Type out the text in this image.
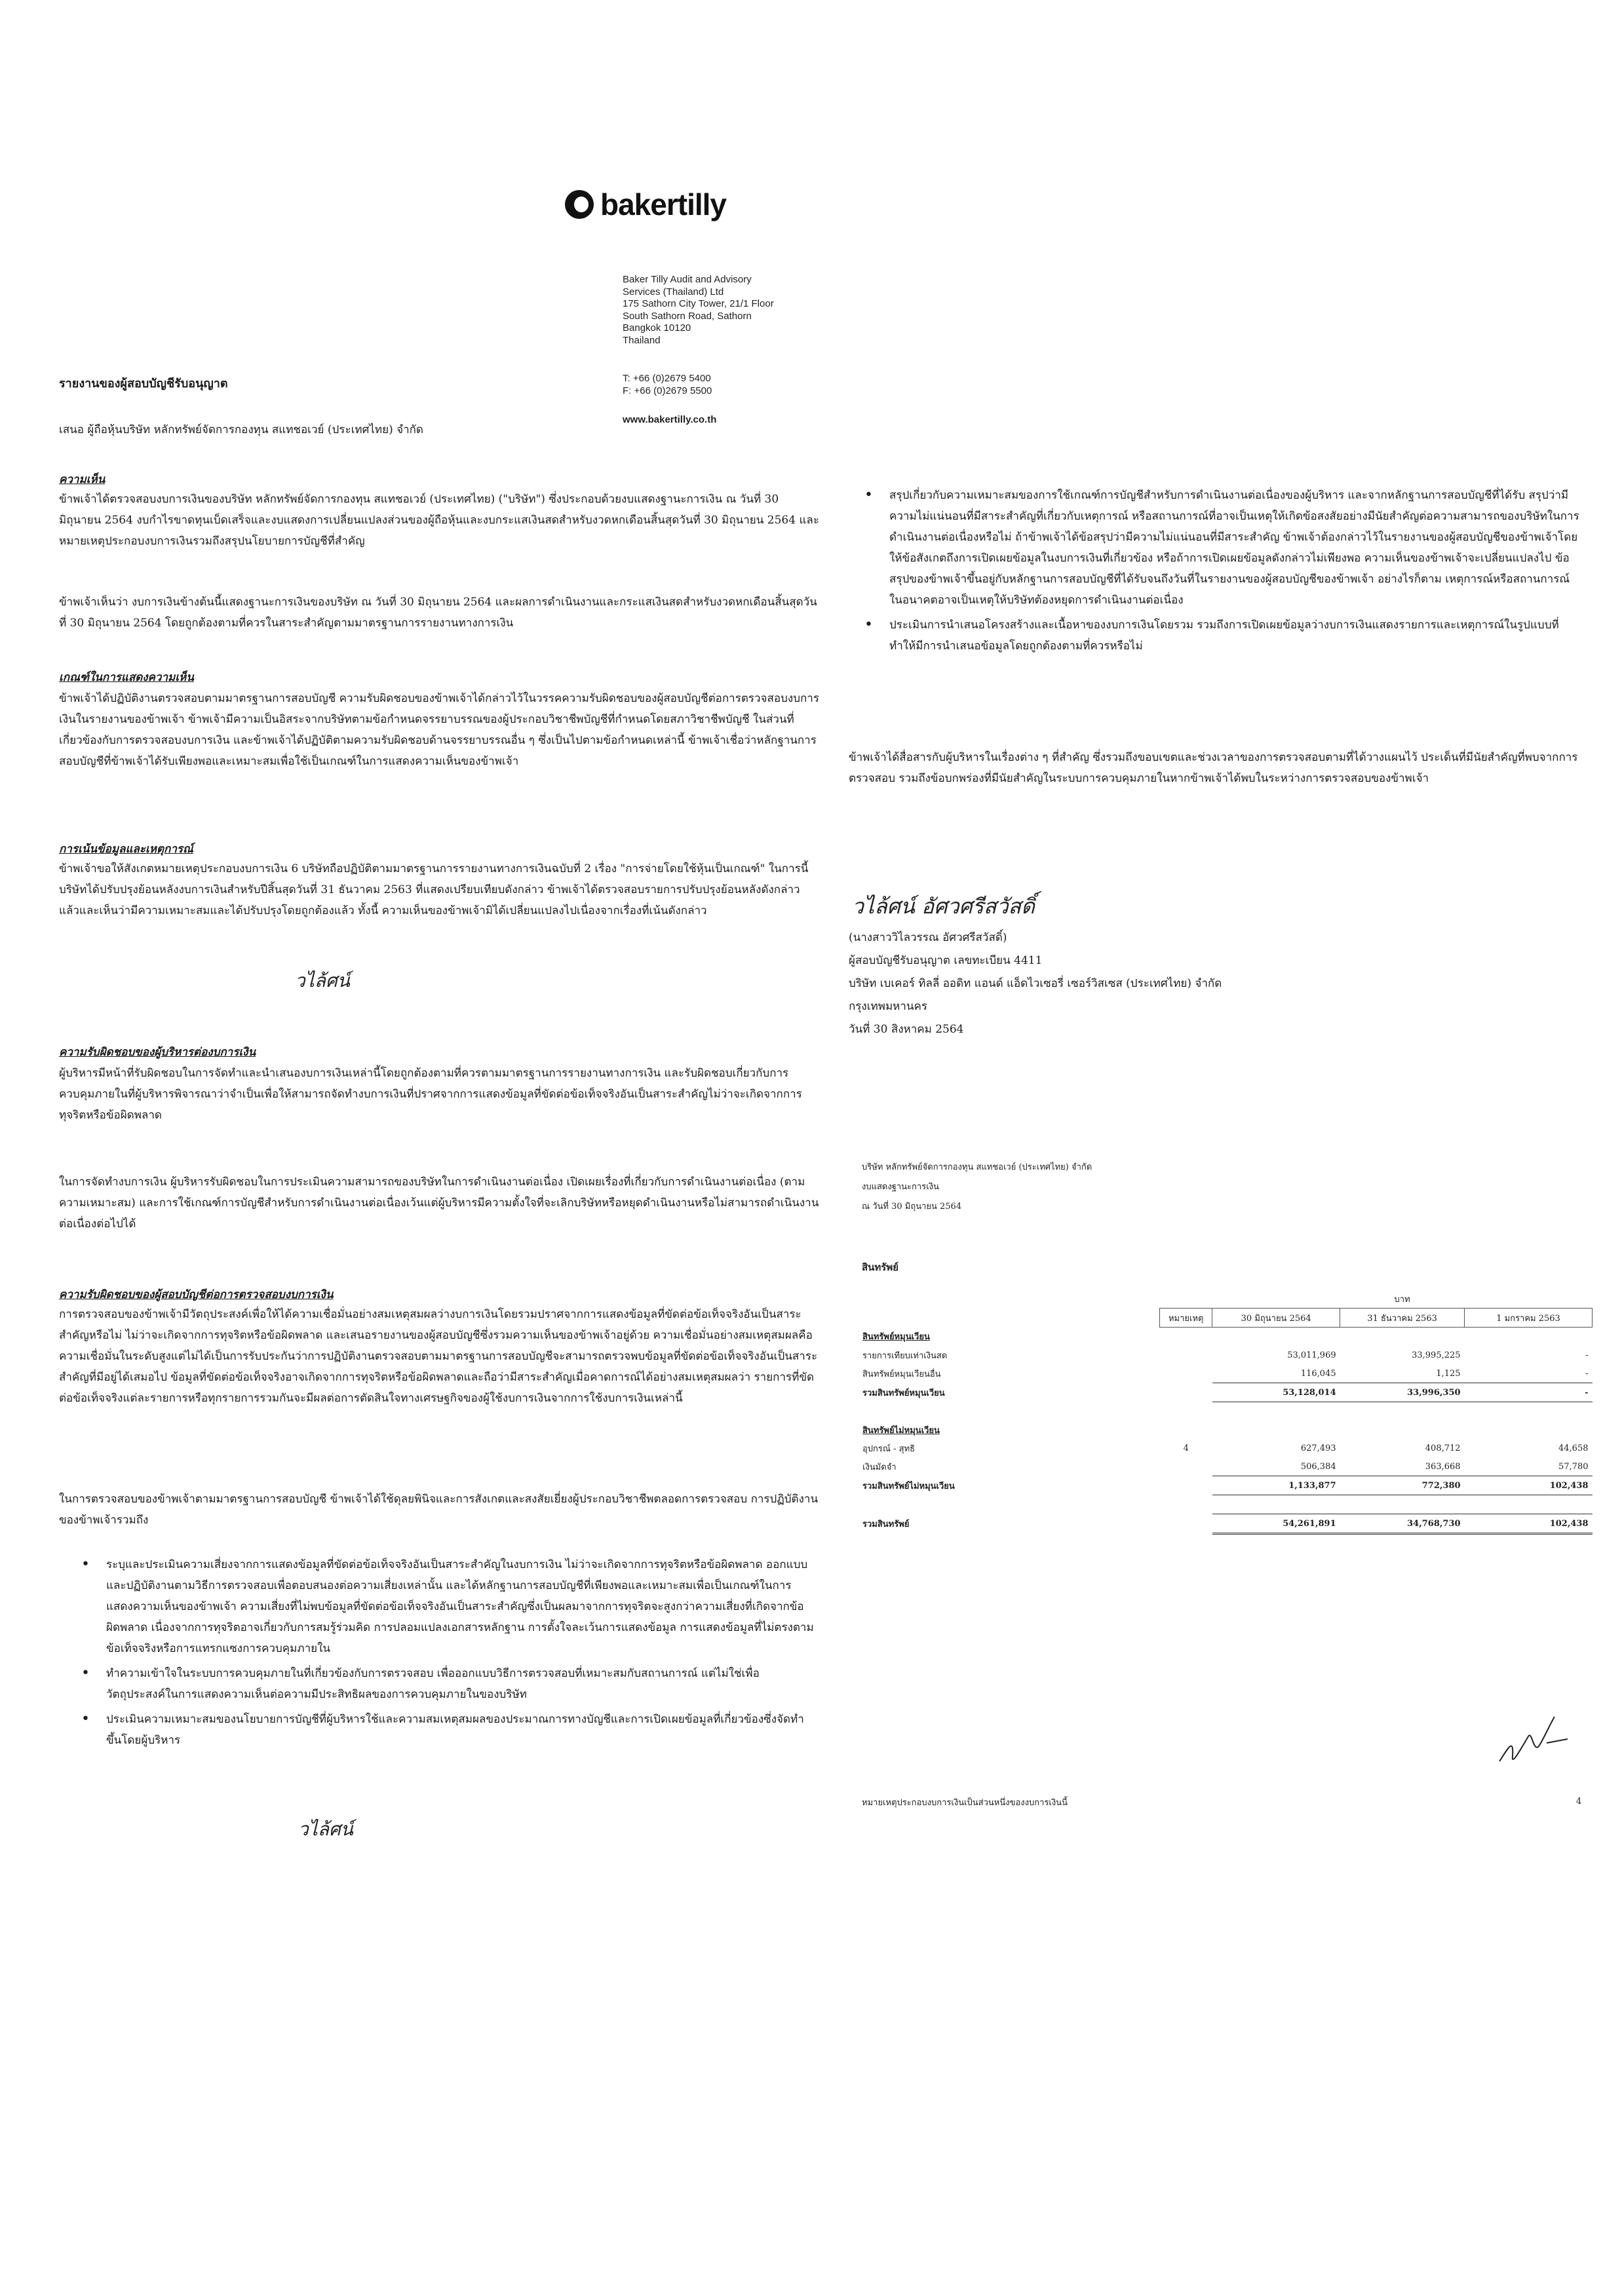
bakertilly
Baker Tilly Audit and Advisory
Services (Thailand) Ltd
175 Sathorn City Tower, 21/1 Floor
South Sathorn Road, Sathorn
Bangkok 10120
Thailand
T: +66 (0)2679 5400
F: +66 (0)2679 5500
www.bakertilly.co.th
รายงานของผู้สอบบัญชีรับอนุญาต
เสนอ ผู้ถือหุ้นบริษัท หลักทรัพย์จัดการกองทุน สแทชอเวย์ (ประเทศไทย) จำกัด
ความเห็น
ข้าพเจ้าได้ตรวจสอบงบการเงินของบริษัท หลักทรัพย์จัดการกองทุน สแทชอเวย์ (ประเทศไทย) ("บริษัท") ซึ่งประกอบด้วยงบแสดงฐานะการเงิน ณ วันที่ 30 มิถุนายน 2564 งบกำไรขาดทุนเบ็ดเสร็จและงบแสดงการเปลี่ยนแปลงส่วนของผู้ถือหุ้นและงบกระแสเงินสดสำหรับงวดหกเดือนสิ้นสุดวันที่ 30 มิถุนายน 2564 และหมายเหตุประกอบงบการเงินรวมถึงสรุปนโยบายการบัญชีที่สำคัญ
ข้าพเจ้าเห็นว่า งบการเงินข้างต้นนี้แสดงฐานะการเงินของบริษัท ณ วันที่ 30 มิถุนายน 2564 และผลการดำเนินงานและกระแสเงินสดสำหรับงวดหกเดือนสิ้นสุดวันที่ 30 มิถุนายน 2564 โดยถูกต้องตามที่ควรในสาระสำคัญตามมาตรฐานการรายงานทางการเงิน
เกณฑ์ในการแสดงความเห็น
ข้าพเจ้าได้ปฏิบัติงานตรวจสอบตามมาตรฐานการสอบบัญชี ความรับผิดชอบของข้าพเจ้าได้กล่าวไว้ในวรรคความรับผิดชอบของผู้สอบบัญชีต่อการตรวจสอบงบการเงินในรายงานของข้าพเจ้า ข้าพเจ้ามีความเป็นอิสระจากบริษัทตามข้อกำหนดจรรยาบรรณของผู้ประกอบวิชาชีพบัญชีที่กำหนดโดยสภาวิชาชีพบัญชี ในส่วนที่เกี่ยวข้องกับการตรวจสอบงบการเงิน และข้าพเจ้าได้ปฏิบัติตามความรับผิดชอบด้านจรรยาบรรณอื่น ๆ ซึ่งเป็นไปตามข้อกำหนดเหล่านี้ ข้าพเจ้าเชื่อว่าหลักฐานการสอบบัญชีที่ข้าพเจ้าได้รับเพียงพอและเหมาะสมเพื่อใช้เป็นเกณฑ์ในการแสดงความเห็นของข้าพเจ้า
การเน้นข้อมูลและเหตุการณ์
ข้าพเจ้าขอให้สังเกตหมายเหตุประกอบงบการเงิน 6 บริษัทถือปฏิบัติตามมาตรฐานการรายงานทางการเงินฉบับที่ 2 เรื่อง "การจ่ายโดยใช้หุ้นเป็นเกณฑ์" ในการนี้ บริษัทได้ปรับปรุงย้อนหลังงบการเงินสำหรับปีสิ้นสุดวันที่ 31 ธันวาคม 2563 ที่แสดงเปรียบเทียบดังกล่าว ข้าพเจ้าได้ตรวจสอบรายการปรับปรุงย้อนหลังดังกล่าวแล้วและเห็นว่ามีความเหมาะสมและได้ปรับปรุงโดยถูกต้องแล้ว ทั้งนี้ ความเห็นของข้าพเจ้ามิได้เปลี่ยนแปลงไปเนื่องจากเรื่องที่เน้นดังกล่าว
วไล้ศน์
ความรับผิดชอบของผู้บริหารต่องบการเงิน
ผู้บริหารมีหน้าที่รับผิดชอบในการจัดทำและนำเสนองบการเงินเหล่านี้โดยถูกต้องตามที่ควรตามมาตรฐานการรายงานทางการเงิน และรับผิดชอบเกี่ยวกับการควบคุมภายในที่ผู้บริหารพิจารณาว่าจำเป็นเพื่อให้สามารถจัดทำงบการเงินที่ปราศจากการแสดงข้อมูลที่ขัดต่อข้อเท็จจริงอันเป็นสาระสำคัญไม่ว่าจะเกิดจากการทุจริตหรือข้อผิดพลาด
ในการจัดทำงบการเงิน ผู้บริหารรับผิดชอบในการประเมินความสามารถของบริษัทในการดำเนินงานต่อเนื่อง เปิดเผยเรื่องที่เกี่ยวกับการดำเนินงานต่อเนื่อง (ตามความเหมาะสม) และการใช้เกณฑ์การบัญชีสำหรับการดำเนินงานต่อเนื่องเว้นแต่ผู้บริหารมีความตั้งใจที่จะเลิกบริษัทหรือหยุดดำเนินงานหรือไม่สามารถดำเนินงานต่อเนื่องต่อไปได้
ความรับผิดชอบของผู้สอบบัญชีต่อการตรวจสอบงบการเงิน
การตรวจสอบของข้าพเจ้ามีวัตถุประสงค์เพื่อให้ได้ความเชื่อมั่นอย่างสมเหตุสมผลว่างบการเงินโดยรวมปราศจากการแสดงข้อมูลที่ขัดต่อข้อเท็จจริงอันเป็นสาระสำคัญหรือไม่ ไม่ว่าจะเกิดจากการทุจริตหรือข้อผิดพลาด และเสนอรายงานของผู้สอบบัญชีซึ่งรวมความเห็นของข้าพเจ้าอยู่ด้วย ความเชื่อมั่นอย่างสมเหตุสมผลคือความเชื่อมั่นในระดับสูงแต่ไม่ได้เป็นการรับประกันว่าการปฏิบัติงานตรวจสอบตามมาตรฐานการสอบบัญชีจะสามารถตรวจพบข้อมูลที่ขัดต่อข้อเท็จจริงอันเป็นสาระสำคัญที่มีอยู่ได้เสมอไป ข้อมูลที่ขัดต่อข้อเท็จจริงอาจเกิดจากการทุจริตหรือข้อผิดพลาดและถือว่ามีสาระสำคัญเมื่อคาดการณ์ได้อย่างสมเหตุสมผลว่า รายการที่ขัดต่อข้อเท็จจริงแต่ละรายการหรือทุกรายการรวมกันจะมีผลต่อการตัดสินใจทางเศรษฐกิจของผู้ใช้งบการเงินจากการใช้งบการเงินเหล่านี้
ในการตรวจสอบของข้าพเจ้าตามมาตรฐานการสอบบัญชี ข้าพเจ้าได้ใช้ดุลยพินิจและการสังเกตและสงสัยเยี่ยงผู้ประกอบวิชาชีพตลอดการตรวจสอบ การปฏิบัติงานของข้าพเจ้ารวมถึง
• ระบุและประเมินความเสี่ยงจากการแสดงข้อมูลที่ขัดต่อข้อเท็จจริงอันเป็นสาระสำคัญในงบการเงิน ไม่ว่าจะเกิดจากการทุจริตหรือข้อผิดพลาด ออกแบบและปฏิบัติงานตามวิธีการตรวจสอบเพื่อตอบสนองต่อความเสี่ยงเหล่านั้น และได้หลักฐานการสอบบัญชีที่เพียงพอและเหมาะสมเพื่อเป็นเกณฑ์ในการแสดงความเห็นของข้าพเจ้า ความเสี่ยงที่ไม่พบข้อมูลที่ขัดต่อข้อเท็จจริงอันเป็นสาระสำคัญซึ่งเป็นผลมาจากการทุจริตจะสูงกว่าความเสี่ยงที่เกิดจากข้อผิดพลาด เนื่องจากการทุจริตอาจเกี่ยวกับการสมรู้ร่วมคิด การปลอมแปลงเอกสารหลักฐาน การตั้งใจละเว้นการแสดงข้อมูล การแสดงข้อมูลที่ไม่ตรงตามข้อเท็จจริงหรือการแทรกแซงการควบคุมภายใน
• ทำความเข้าใจในระบบการควบคุมภายในที่เกี่ยวข้องกับการตรวจสอบ เพื่อออกแบบวิธีการตรวจสอบที่เหมาะสมกับสถานการณ์ แต่ไม่ใช่เพื่อวัตถุประสงค์ในการแสดงความเห็นต่อความมีประสิทธิผลของการควบคุมภายในของบริษัท
• ประเมินความเหมาะสมของนโยบายการบัญชีที่ผู้บริหารใช้และความสมเหตุสมผลของประมาณการทางบัญชีและการเปิดเผยข้อมูลที่เกี่ยวข้องซึ่งจัดทำขึ้นโดยผู้บริหาร
วไล้ศน์
• สรุปเกี่ยวกับความเหมาะสมของการใช้เกณฑ์การบัญชีสำหรับการดำเนินงานต่อเนื่องของผู้บริหาร และจากหลักฐานการสอบบัญชีที่ได้รับ สรุปว่ามีความไม่แน่นอนที่มีสาระสำคัญที่เกี่ยวกับเหตุการณ์ หรือสถานการณ์ที่อาจเป็นเหตุให้เกิดข้อสงสัยอย่างมีนัยสำคัญต่อความสามารถของบริษัทในการดำเนินงานต่อเนื่องหรือไม่ ถ้าข้าพเจ้าได้ข้อสรุปว่ามีความไม่แน่นอนที่มีสาระสำคัญ ข้าพเจ้าต้องกล่าวไว้ในรายงานของผู้สอบบัญชีของข้าพเจ้าโดยให้ข้อสังเกตถึงการเปิดเผยข้อมูลในงบการเงินที่เกี่ยวข้อง หรือถ้าการเปิดเผยข้อมูลดังกล่าวไม่เพียงพอ ความเห็นของข้าพเจ้าจะเปลี่ยนแปลงไป ข้อสรุปของข้าพเจ้าขึ้นอยู่กับหลักฐานการสอบบัญชีที่ได้รับจนถึงวันที่ในรายงานของผู้สอบบัญชีของข้าพเจ้า อย่างไรก็ตาม เหตุการณ์หรือสถานการณ์ในอนาคตอาจเป็นเหตุให้บริษัทต้องหยุดการดำเนินงานต่อเนื่อง
• ประเมินการนำเสนอโครงสร้างและเนื้อหาของงบการเงินโดยรวม รวมถึงการเปิดเผยข้อมูลว่างบการเงินแสดงรายการและเหตุการณ์ในรูปแบบที่ทำให้มีการนำเสนอข้อมูลโดยถูกต้องตามที่ควรหรือไม่
ข้าพเจ้าได้สื่อสารกับผู้บริหารในเรื่องต่าง ๆ ที่สำคัญ ซึ่งรวมถึงขอบเขตและช่วงเวลาของการตรวจสอบตามที่ได้วางแผนไว้ ประเด็นที่มีนัยสำคัญที่พบจากการตรวจสอบ รวมถึงข้อบกพร่องที่มีนัยสำคัญในระบบการควบคุมภายในหากข้าพเจ้าได้พบในระหว่างการตรวจสอบของข้าพเจ้า
วไล้ศน์ อัศวศรีสวัสดิ์
(นางสาววิไลวรรณ อัศวศรีสวัสดิ์)
ผู้สอบบัญชีรับอนุญาต เลขทะเบียน 4411
บริษัท เบเคอร์ ทิลลี่ ออดิท แอนด์ แอ็ดไวเซอรี่ เซอร์วิสเซส (ประเทศไทย) จำกัด
กรุงเทพมหานคร
วันที่ 30 สิงหาคม 2564
บริษัท หลักทรัพย์จัดการกองทุน สแทชอเวย์ (ประเทศไทย) จำกัด
งบแสดงฐานะการเงิน
ณ วันที่ 30 มิถุนายน 2564
สินทรัพย์
		บาท		
	หมายเหตุ	30 มิถุนายน 2564	31 ธันวาคม 2563	1 มกราคม 2563
สินทรัพย์หมุนเวียน				
รายการเทียบเท่าเงินสด		53,011,969	33,995,225	-
สินทรัพย์หมุนเวียนอื่น		116,045	1,125	-
รวมสินทรัพย์หมุนเวียน		53,128,014	33,996,350	-

สินทรัพย์ไม่หมุนเวียน				
อุปกรณ์ - สุทธิ	4	627,493	408,712	44,658
เงินมัดจำ		506,384	363,668	57,780
รวมสินทรัพย์ไม่หมุนเวียน		1,133,877	772,380	102,438

รวมสินทรัพย์		54,261,891	34,768,730	102,438
หมายเหตุประกอบงบการเงินเป็นส่วนหนึ่งของงบการเงินนี้	4
